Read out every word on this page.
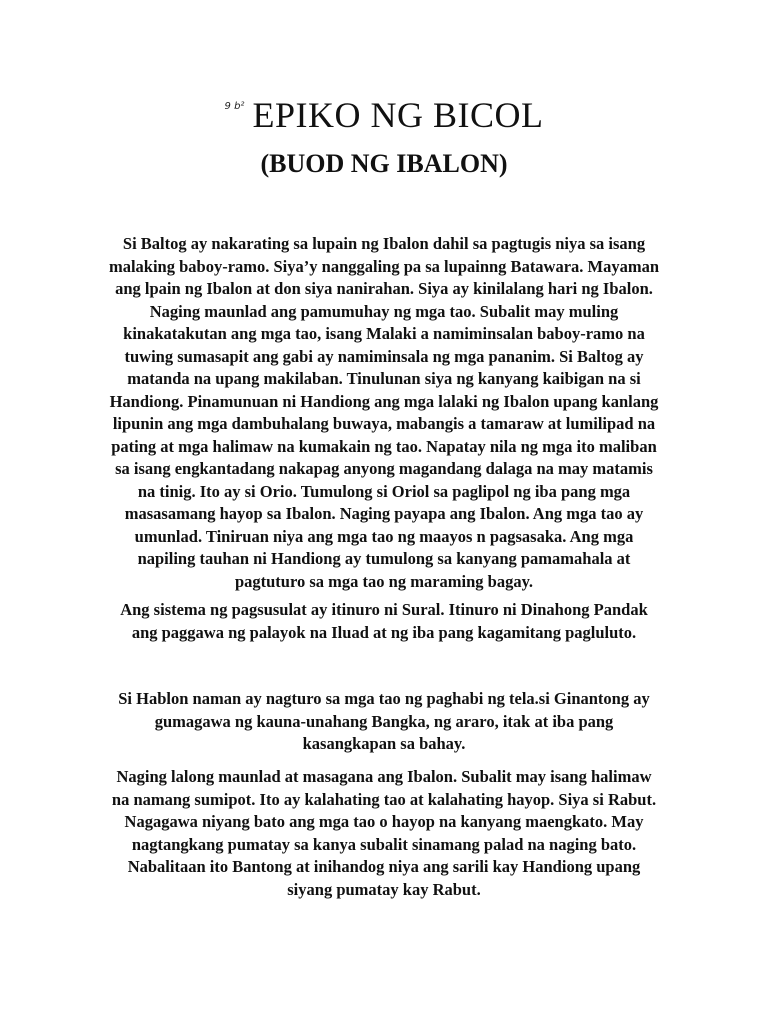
$^{9 b^2}$ EPIKO NG BICOL
(BUOD NG IBALON)
Si Baltog ay nakarating sa lupain ng Ibalon dahil sa pagtugis niya sa isang
malaking baboy-ramo. Siya’y nanggaling pa sa lupainng Batawara. Mayaman
ang lpain ng Ibalon at don siya nanirahan. Siya ay kinilalang hari ng Ibalon.
Naging maunlad ang pamumuhay ng mga tao. Subalit may muling
kinakatakutan ang mga tao, isang Malaki a namiminsalan baboy-ramo na
tuwing sumasapit ang gabi ay namiminsala ng mga pananim. Si Baltog ay
matanda na upang makilaban. Tinulunan siya ng kanyang kaibigan na si
Handiong. Pinamunuan ni Handiong ang mga lalaki ng Ibalon upang kanlang
lipunin ang mga dambuhalang buwaya, mabangis a tamaraw at lumilipad na
pating at mga halimaw na kumakain ng tao. Napatay nila ng mga ito maliban
sa isang engkantadang nakapag anyong magandang dalaga na may matamis
na tinig. Ito ay si Orio. Tumulong si Oriol sa paglipol ng iba pang mga
masasamang hayop sa Ibalon. Naging payapa ang Ibalon. Ang mga tao ay
umunlad. Tiniruan niya ang mga tao ng maayos n pagsasaka. Ang mga
napiling tauhan ni Handiong ay tumulong sa kanyang pamamahala at
pagtuturo sa mga tao ng maraming bagay.
Ang sistema ng pagsusulat ay itinuro ni Sural. Itinuro ni Dinahong Pandak
ang paggawa ng palayok na Iluad at ng iba pang kagamitang pagluluto.
Si Hablon naman ay nagturo sa mga tao ng paghabi ng tela.si Ginantong ay
gumagawa ng kauna-unahang Bangka, ng araro, itak at iba pang
kasangkapan sa bahay.
Naging lalong maunlad at masagana ang Ibalon. Subalit may isang halimaw
na namang sumipot. Ito ay kalahating tao at kalahating hayop. Siya si Rabut.
Nagagawa niyang bato ang mga tao o hayop na kanyang maengkato. May
nagtangkang pumatay sa kanya subalit sinamang palad na naging bato.
Nabalitaan ito Bantong at inihandog niya ang sarili kay Handiong upang
siyang pumatay kay Rabut.
